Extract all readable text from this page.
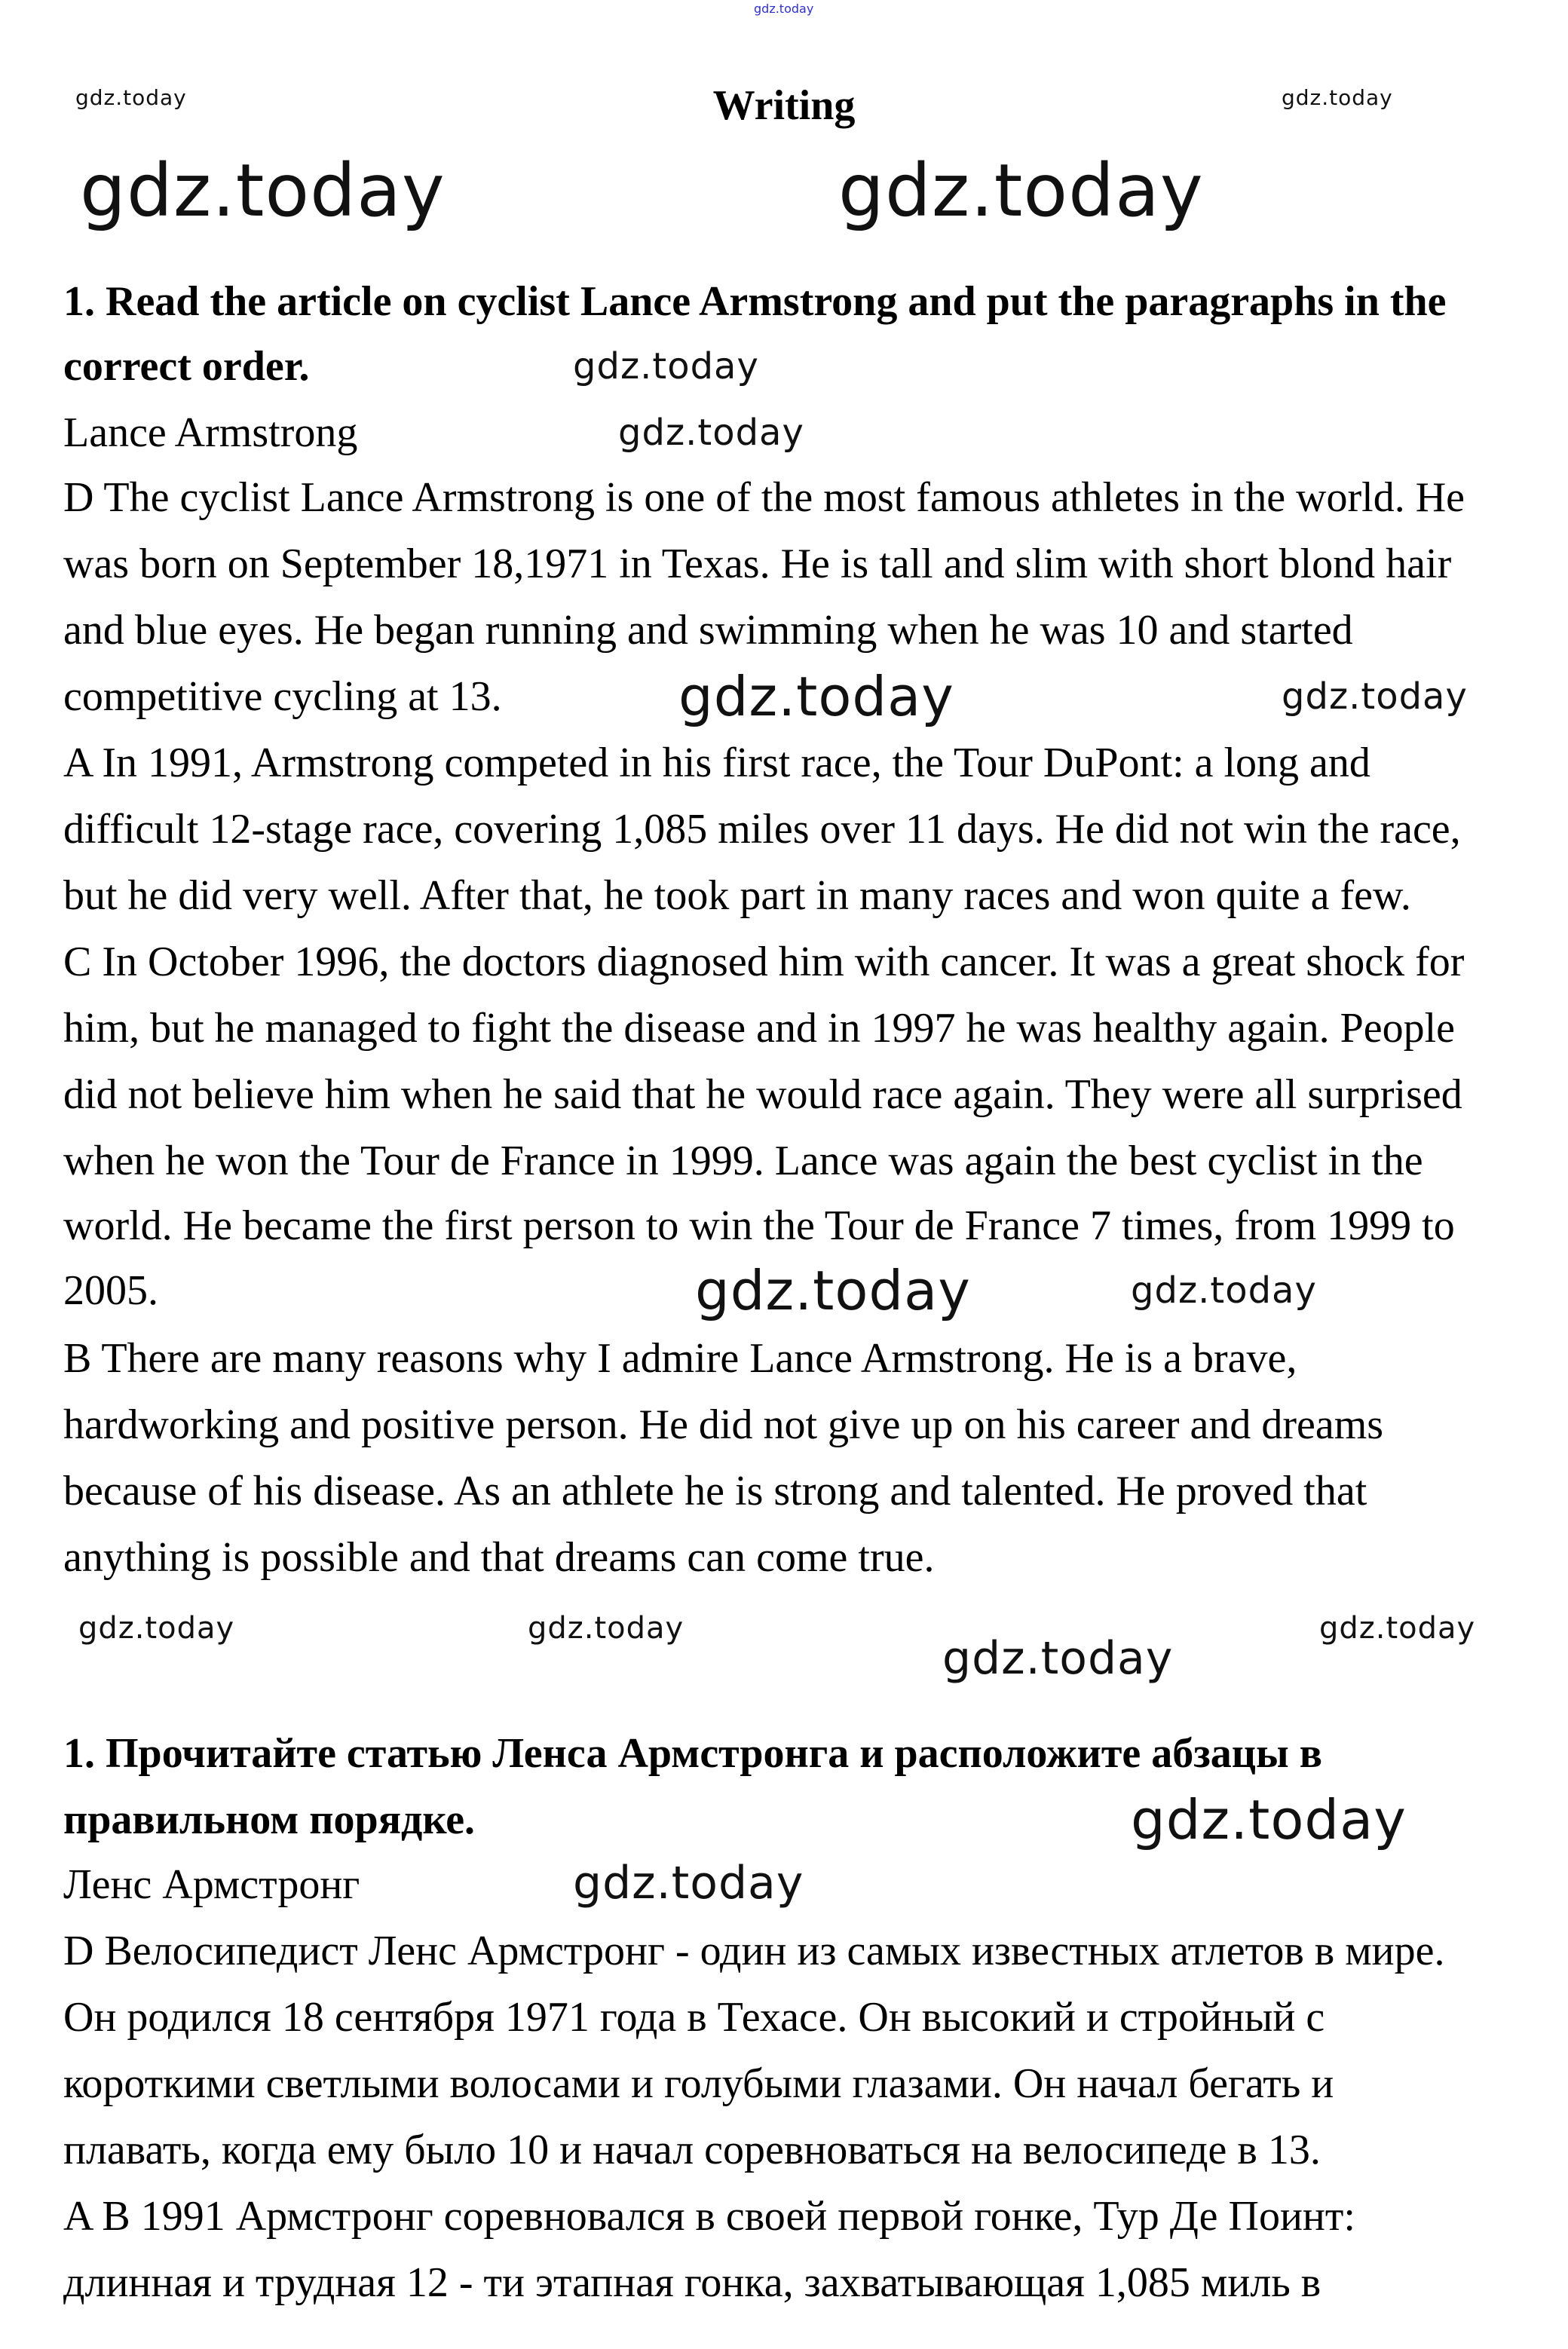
gdz.today
Writing
1. Read the article on cyclist Lance Armstrong and put the paragraphs in the
correct order.
Lance Armstrong
D The cyclist Lance Armstrong is one of the most famous athletes in the world. He
was born on September 18,1971 in Texas. He is tall and slim with short blond hair
and blue eyes. He began running and swimming when he was 10 and started
competitive cycling at 13.
A In 1991, Armstrong competed in his first race, the Tour DuPont: a long and
difficult 12-stage race, covering 1,085 miles over 11 days. He did not win the race,
but he did very well. After that, he took part in many races and won quite a few.
C In October 1996, the doctors diagnosed him with cancer. It was a great shock for
him, but he managed to fight the disease and in 1997 he was healthy again. People
did not believe him when he said that he would race again. They were all surprised
when he won the Tour de France in 1999. Lance was again the best cyclist in the
world. He became the first person to win the Tour de France 7 times, from 1999 to
2005.
B There are many reasons why I admire Lance Armstrong. He is a brave,
hardworking and positive person. He did not give up on his career and dreams
because of his disease. As an athlete he is strong and talented. He proved that
anything is possible and that dreams can come true.
1. Прочитайте статью Ленса Армстронга и расположите абзацы в
правильном порядке.
Ленс Армстронг
D Велосипедист Ленс Армстронг - один из самых известных атлетов в мире.
Он родился 18 сентября 1971 года в Техасе. Он высокий и стройный с
короткими светлыми волосами и голубыми глазами. Он начал бегать и
плавать, когда ему было 10 и начал соревноваться на велосипеде в 13.
A B 1991 Армстронг соревновался в своей первой гонке, Тур Де Поинт:
длинная и трудная 12 - ти этапная гонка, захватывающая 1,085 миль в
gdz.today	gdz.today
gdz.today	gdz.today
gdz.today
gdz.today
gdz.today	gdz.today
gdz.today	gdz.today
gdz.today	gdz.today
gdz.today
gdz.today
gdz.today
gdz.today
